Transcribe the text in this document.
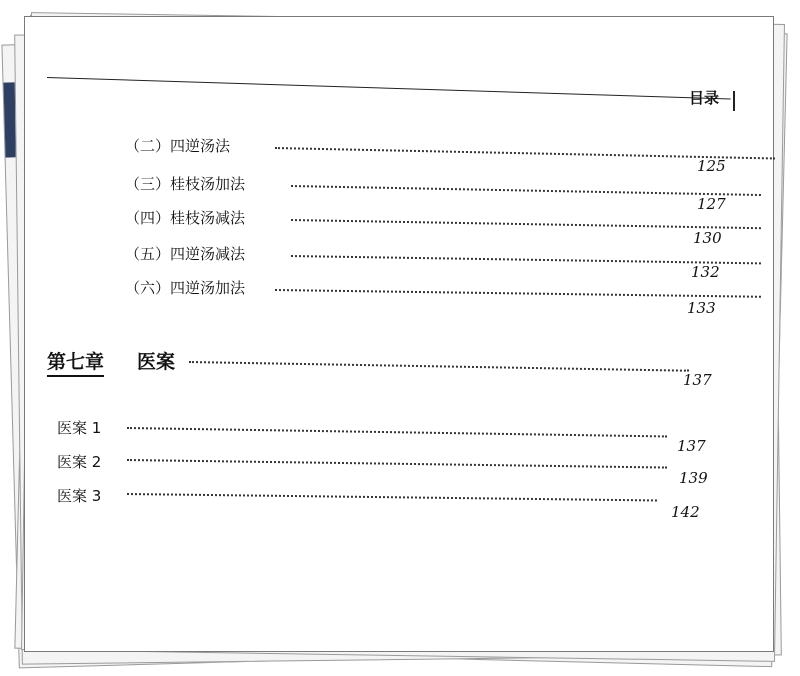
目录
（二）四逆汤法
125
（三）桂枝汤加法
127
（四）桂枝汤减法
130
（五）四逆汤减法
132
（六）四逆汤加法
133
第七章 医案
137
医案 1
137
医案 2
139
医案 3
142
